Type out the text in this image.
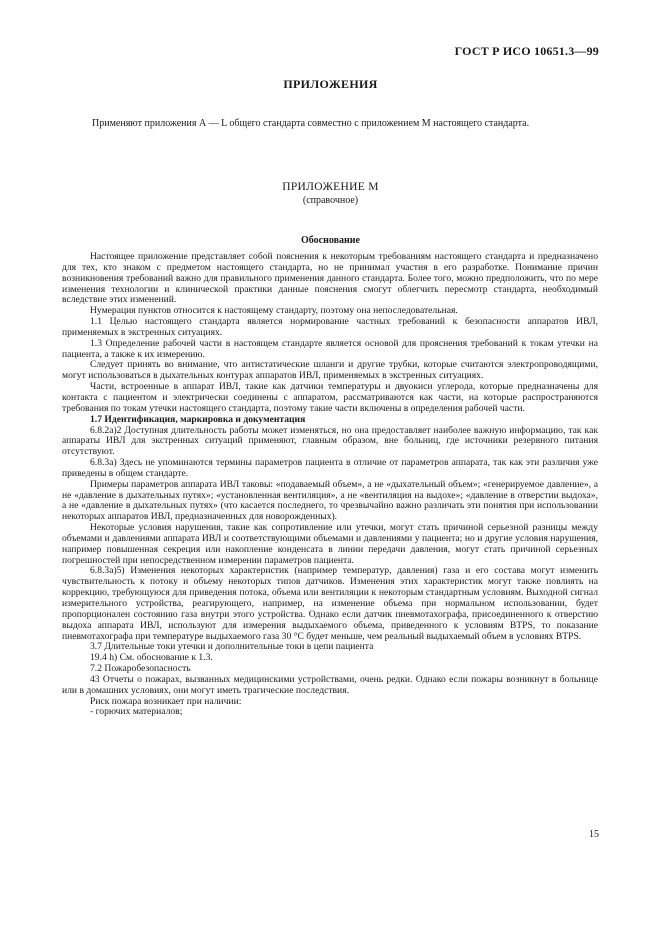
ГОСТ Р ИСО 10651.3—99
ПРИЛОЖЕНИЯ
Применяют приложения А — L общего стандарта совместно с приложением М настоящего стандарта.
ПРИЛОЖЕНИЕ М
(справочное)
Обоснование

Настоящее приложение представляет собой пояснения к некоторым требованиям настоящего стандарта и предназначено для тех, кто знаком с предметом настоящего стандарта, но не принимал участия в его разработке. Понимание причин возникновения требований важно для правильного применения данного стандарта. Более того, можно предположить, что по мере изменения технологии и клинической практики данные пояснения смогут облегчить пересмотр стандарта, необходимый вследствие этих изменений.

Нумерация пунктов относится к настоящему стандарту, поэтому она непоследовательная.

1.1 Целью настоящего стандарта является нормирование частных требований к безопасности аппаратов ИВЛ, применяемых в экстренных ситуациях.

1.3 Определение рабочей части в настоящем стандарте является основой для прояснения требований к токам утечки на пациента, а также к их измерению.

Следует принять во внимание, что антистатические шланги и другие трубки, которые считаются электропроводящими, могут использоваться в дыхательных контурах аппаратов ИВЛ, применяемых в экстренных ситуациях.

Части, встроенные в аппарат ИВЛ, такие как датчики температуры и двуокиси углерода, которые предназначены для контакта с пациентом и электрически соединены с аппаратом, рассматриваются как части, на которые распространяются требования по токам утечки настоящего стандарта, поэтому такие части включены в определения рабочей части.

1.7 Идентификация, маркировка и документация

6.8.2а)2 Доступная длительность работы может изменяться, но она предоставляет наиболее важную информацию, так как аппараты ИВЛ для экстренных ситуаций применяют, главным образом, вне больниц, где источники резервного питания отсутствуют.

6.8.3а) Здесь не упоминаются термины параметров пациента в отличие от параметров аппарата, так как эти различия уже приведены в общем стандарте.

Примеры параметров аппарата ИВЛ таковы: «подаваемый объем», а не «дыхательный объем»; «генерируемое давление», а не «давление в дыхательных путях»; «установленная вентиляция», а не «вентиляция на выдохе»; «давление в отверстии выдоха», а не «давление в дыхательных путях» (что касается последнего, то чрезвычайно важно различать эти понятия при использовании некоторых аппаратов ИВЛ, предназначенных для новорожденных).

Некоторые условия нарушения, такие как сопротивление или утечки, могут стать причиной серьезной разницы между объемами и давлениями аппарата ИВЛ и соответствующими объемами и давлениями у пациента; но и другие условия нарушения, например повышенная секреция или накопление конденсата в линии передачи давления, могут стать причиной серьезных погрешностей при непосредственном измерении параметров пациента.

6.8.3а)5) Изменения некоторых характеристик (например температур, давления) газа и его состава могут изменить чувствительность к потоку и объему некоторых типов датчиков. Изменения этих характеристик могут также повлиять на коррекцию, требующуюся для приведения потока, объема или вентиляции к некоторым стандартным условиям. Выходной сигнал измерительного устройства, реагирующего, например, на изменение объема при нормальном использовании, будет пропорционален состоянию газа внутри этого устройства. Однако если датчик пневмотахографа, присоединенного к отверстию выдоха аппарата ИВЛ, используют для измерения выдыхаемого объема, приведенного к условиям BTPS, то показание пневмотахографа при температуре выдыхаемого газа 30 °С будет меньше, чем реальный выдыхаемый объем в условиях BTPS.

3.7 Длительные токи утечки и дополнительные токи в цепи пациента

19.4 h) См. обоснование к 1.3.

7.2 Пожаробезопасность

43 Отчеты о пожарах, вызванных медицинскими устройствами, очень редки. Однако если пожары возникнут в больнице или в домашних условиях, они могут иметь трагические последствия.

Риск пожара возникает при наличии:

- горючих материалов;

15
